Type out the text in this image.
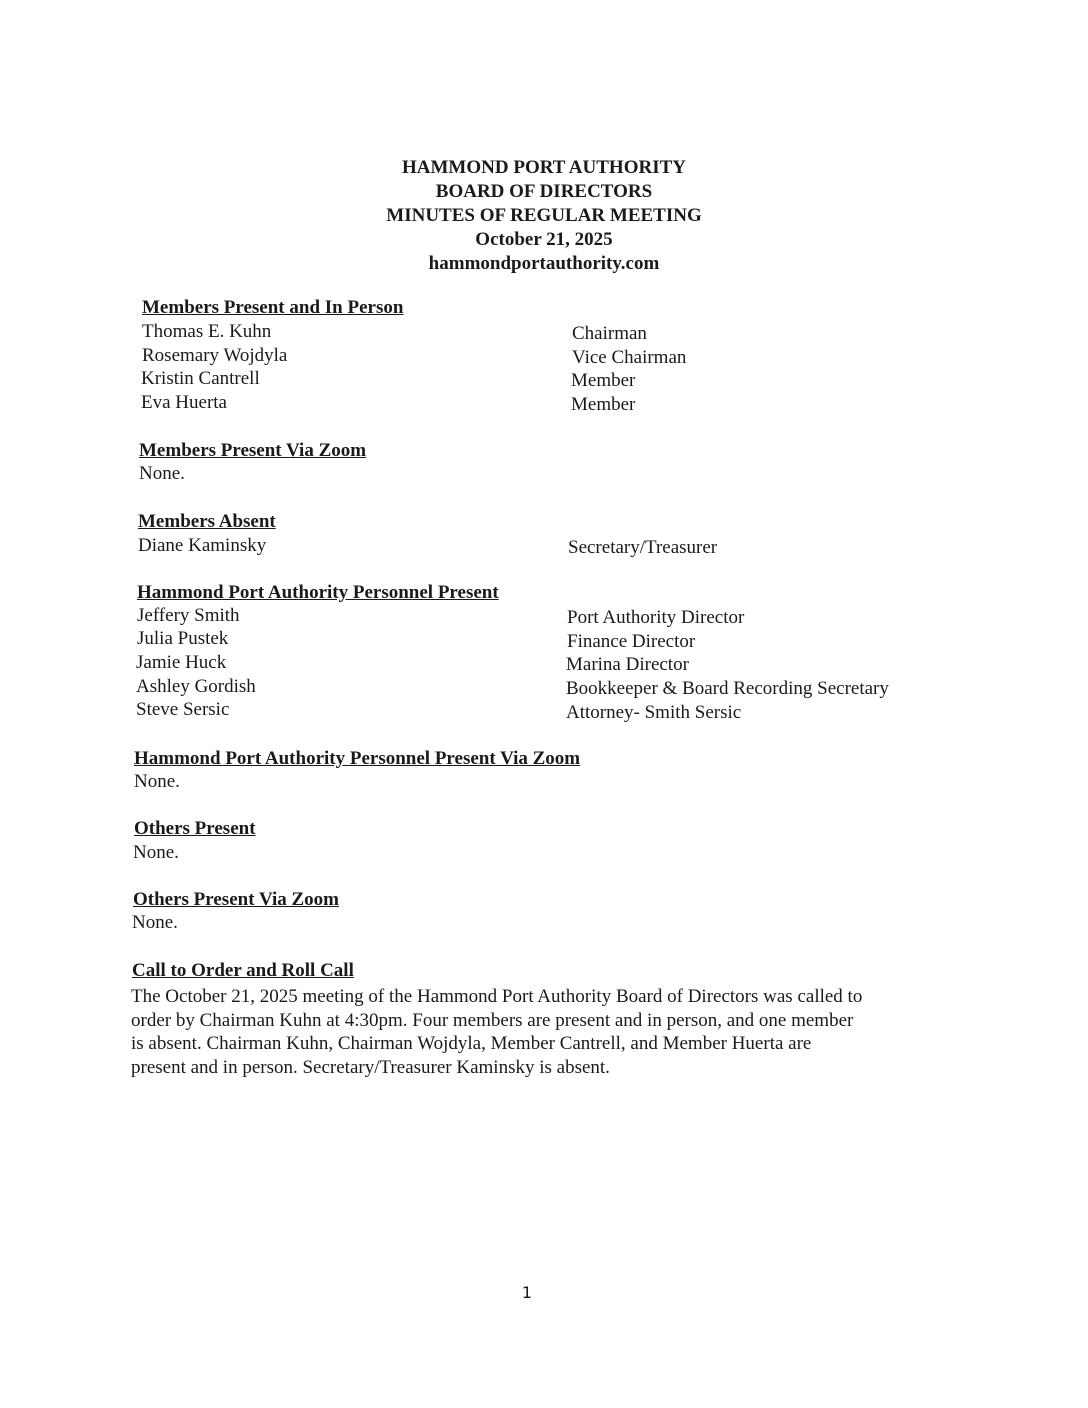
HAMMOND PORT AUTHORITY
BOARD OF DIRECTORS
MINUTES OF REGULAR MEETING
October 21, 2025
hammondportauthority.com
Members Present and In Person
Thomas E. Kuhn	Chairman
Rosemary Wojdyla	Vice Chairman
Kristin Cantrell	Member
Eva Huerta	Member
Members Present Via Zoom
None.
Members Absent
Diane Kaminsky	Secretary/Treasurer
Hammond Port Authority Personnel Present
Jeffery Smith	Port Authority Director
Julia Pustek	Finance Director
Jamie Huck	Marina Director
Ashley Gordish	Bookkeeper & Board Recording Secretary
Steve Sersic	Attorney- Smith Sersic
Hammond Port Authority Personnel Present Via Zoom
None.
Others Present
None.
Others Present Via Zoom
None.
Call to Order and Roll Call
The October 21, 2025 meeting of the Hammond Port Authority Board of Directors was called to
order by Chairman Kuhn at 4:30pm. Four members are present and in person, and one member
is absent. Chairman Kuhn, Chairman Wojdyla, Member Cantrell, and Member Huerta are
present and in person. Secretary/Treasurer Kaminsky is absent.
1
